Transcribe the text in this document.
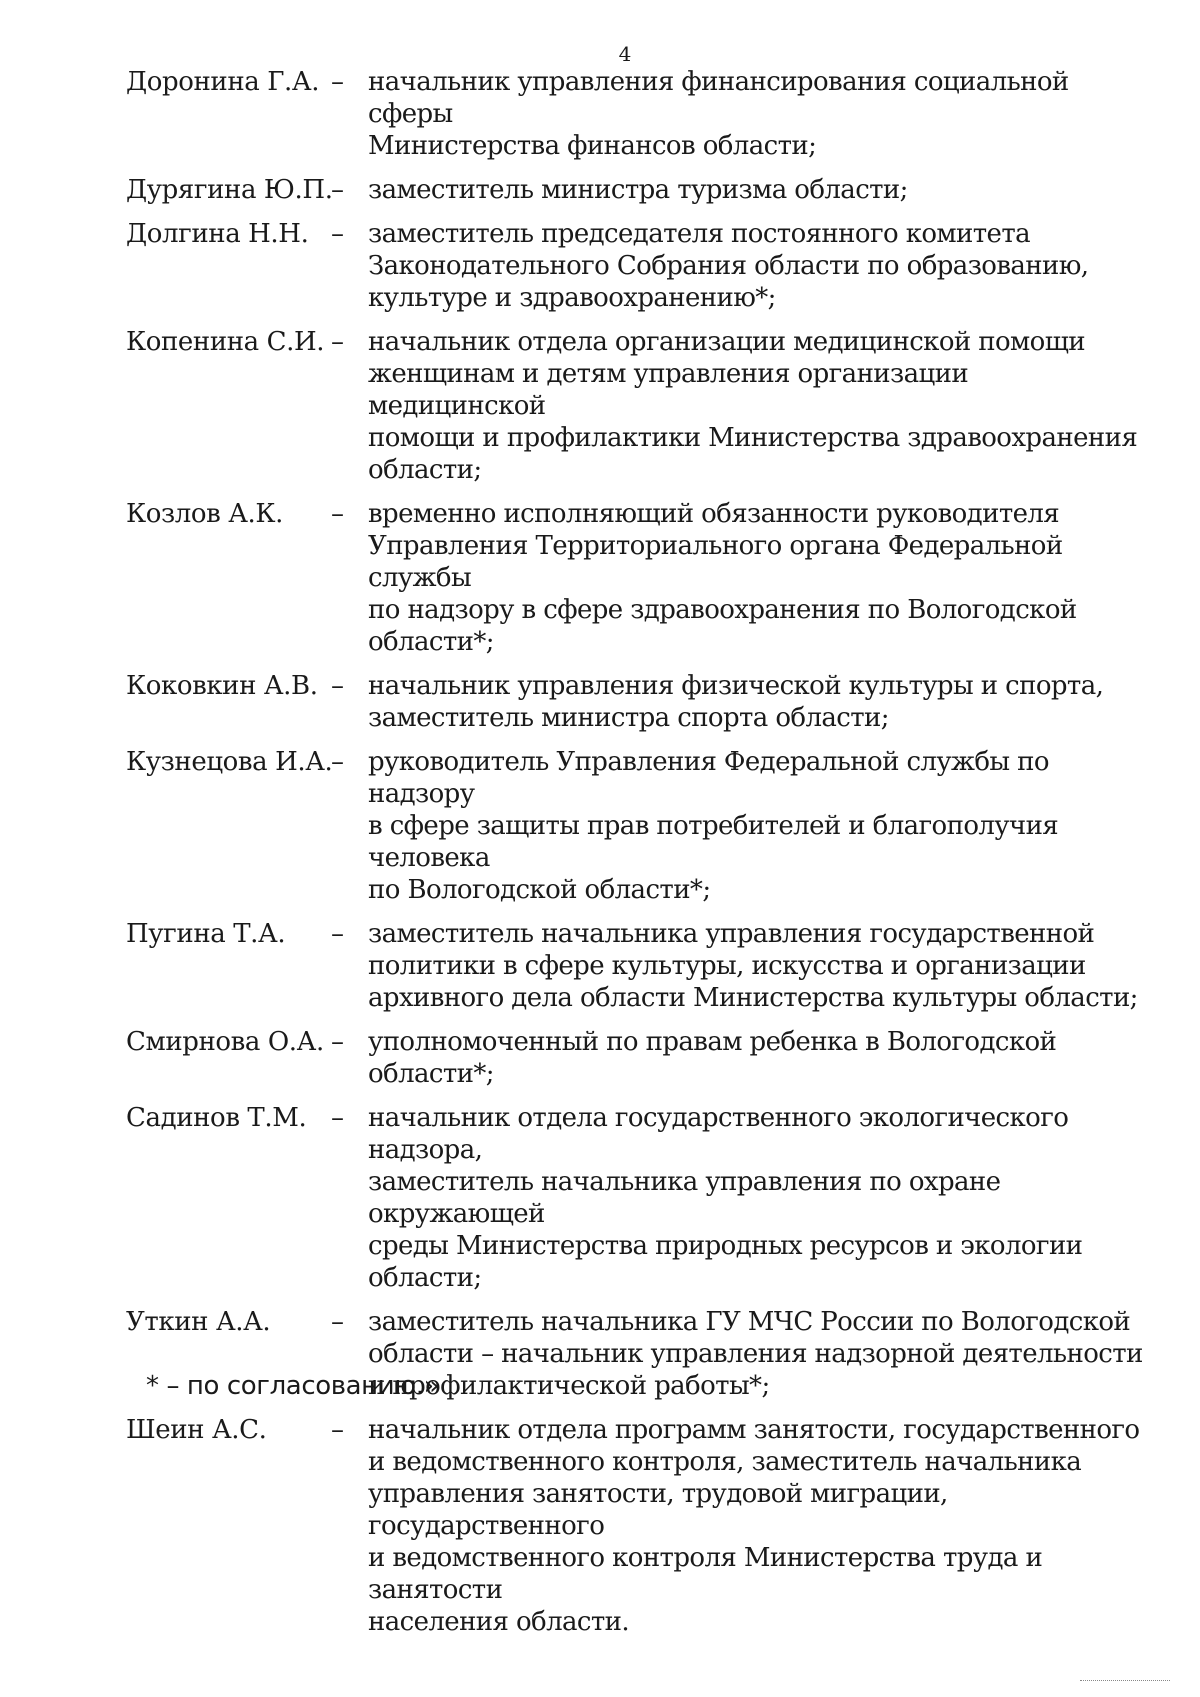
4
Доронина Г.А. – начальник управления финансирования социальной сферы
Министерства финансов области;
Дурягина Ю.П.
– заместитель министра туризма области;
Долгина Н.Н. – заместитель председателя постоянного комитета
Законодательного Собрания области по образованию,
культуре и здравоохранению*;
Копенина С.И. – начальник отдела организации медицинской помощи
женщинам и детям управления организации медицинской
помощи и профилактики Министерства здравоохранения
области;
Козлов А.К.	– временно исполняющий обязанности руководителя
Управления Территориального органа Федеральной службы
по надзору в сфере здравоохранения по Вологодской
области*;
Коковкин А.В. – начальник управления физической культуры и спорта,
заместитель министра спорта области;
Кузнецова И.А.
– руководитель Управления Федеральной службы по надзору
в сфере защиты прав потребителей и благополучия человека
по Вологодской области*;
Пугина Т.А.	– заместитель начальника управления государственной
политики в сфере культуры, искусства и организации
архивного дела области Министерства культуры области;
Смирнова О.А. – уполномоченный по правам ребенка в Вологодской области*;
Садинов Т.М. – начальник отдела государственного экологического надзора,
заместитель начальника управления по охране окружающей
среды Министерства природных ресурсов и экологии
области;
Уткин А.А.	– заместитель начальника ГУ МЧС России по Вологодской
области – начальник управления надзорной деятельности
и профилактической работы*;
Шеин А.С.	– начальник отдела программ занятости, государственного
и ведомственного контроля, заместитель начальника
управления занятости, трудовой миграции, государственного
и ведомственного контроля Министерства труда и занятости
населения области.
* – по согласованию.»
